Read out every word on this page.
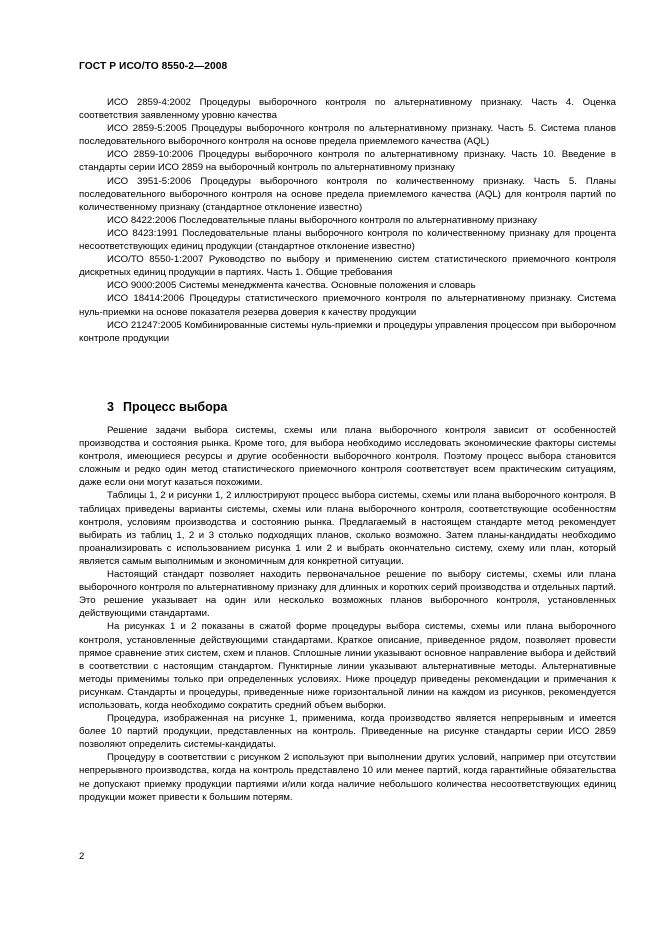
ГОСТ Р ИСО/ТО 8550-2—2008

ИСО 2859-4:2002 Процедуры выборочного контроля по альтернативному признаку. Часть 4. Оценка соответствия заявленному уровню качества

ИСО 2859-5:2005 Процедуры выборочного контроля по альтернативному признаку. Часть 5. Система планов последовательного выборочного контроля на основе предела приемлемого качества (AQL)

ИСО 2859-10:2006 Процедуры выборочного контроля по альтернативному признаку. Часть 10. Введение в стандарты серии ИСО 2859 на выборочный контроль по альтернативному признаку

ИСО 3951-5:2006 Процедуры выборочного контроля по количественному признаку. Часть 5. Планы последовательного выборочного контроля на основе предела приемлемого качества (AQL) для контроля партий по количественному признаку (стандартное отклонение известно)

ИСО 8422:2006 Последовательные планы выборочного контроля по альтернативному признаку

ИСО 8423:1991 Последовательные планы выборочного контроля по количественному признаку для процента несоответствующих единиц продукции (стандартное отклонение известно)

ИСО/ТО 8550-1:2007 Руководство по выбору и применению систем статистического приемочного контроля дискретных единиц продукции в партиях. Часть 1. Общие требования

ИСО 9000:2005 Системы менеджмента качества. Основные положения и словарь

ИСО 18414:2006 Процедуры статистического приемочного контроля по альтернативному признаку. Система нуль-приемки на основе показателя резерва доверия к качеству продукции

ИСО 21247:2005 Комбинированные системы нуль-приемки и процедуры управления процессом при выборочном контроле продукции

3 Процесс выбора

Решение задачи выбора системы, схемы или плана выборочного контроля зависит от особенностей производства и состояния рынка. Кроме того, для выбора необходимо исследовать экономические факторы системы контроля, имеющиеся ресурсы и другие особенности выборочного контроля. Поэтому процесс выбора становится сложным и редко один метод статистического приемочного контроля соответствует всем практическим ситуациям, даже если они могут казаться похожими.

Таблицы 1, 2 и рисунки 1, 2 иллюстрируют процесс выбора системы, схемы или плана выборочного контроля. В таблицах приведены варианты системы, схемы или плана выборочного контроля, соответствующие особенностям контроля, условиям производства и состоянию рынка. Предлагаемый в настоящем стандарте метод рекомендует выбирать из таблиц 1, 2 и 3 столько подходящих планов, сколько возможно. Затем планы-кандидаты необходимо проанализировать с использованием рисунка 1 или 2 и выбрать окончательно систему, схему или план, который является самым выполнимым и экономичным для конкретной ситуации.

Настоящий стандарт позволяет находить первоначальное решение по выбору системы, схемы или плана выборочного контроля по альтернативному признаку для длинных и коротких серий производства и отдельных партий. Это решение указывает на один или несколько возможных планов выборочного контроля, установленных действующими стандартами.

На рисунках 1 и 2 показаны в сжатой форме процедуры выбора системы, схемы или плана выборочного контроля, установленные действующими стандартами. Краткое описание, приведенное рядом, позволяет провести прямое сравнение этих систем, схем и планов. Сплошные линии указывают основное направление выбора и действий в соответствии с настоящим стандартом. Пунктирные линии указывают альтернативные методы. Альтернативные методы применимы только при определенных условиях. Ниже процедур приведены рекомендации и примечания к рисункам. Стандарты и процедуры, приведенные ниже горизонтальной линии на каждом из рисунков, рекомендуется использовать, когда необходимо сократить средний объем выборки.

Процедура, изображенная на рисунке 1, применима, когда производство является непрерывным и имеется более 10 партий продукции, представленных на контроль. Приведенные на рисунке стандарты серии ИСО 2859 позволяют определить системы-кандидаты.

Процедуру в соответствии с рисунком 2 используют при выполнении других условий, например при отсутствии непрерывного производства, когда на контроль представлено 10 или менее партий, когда гарантийные обязательства не допускают приемку продукции партиями и/или когда наличие небольшого количества несоответствующих единиц продукции может привести к большим потерям.

2
